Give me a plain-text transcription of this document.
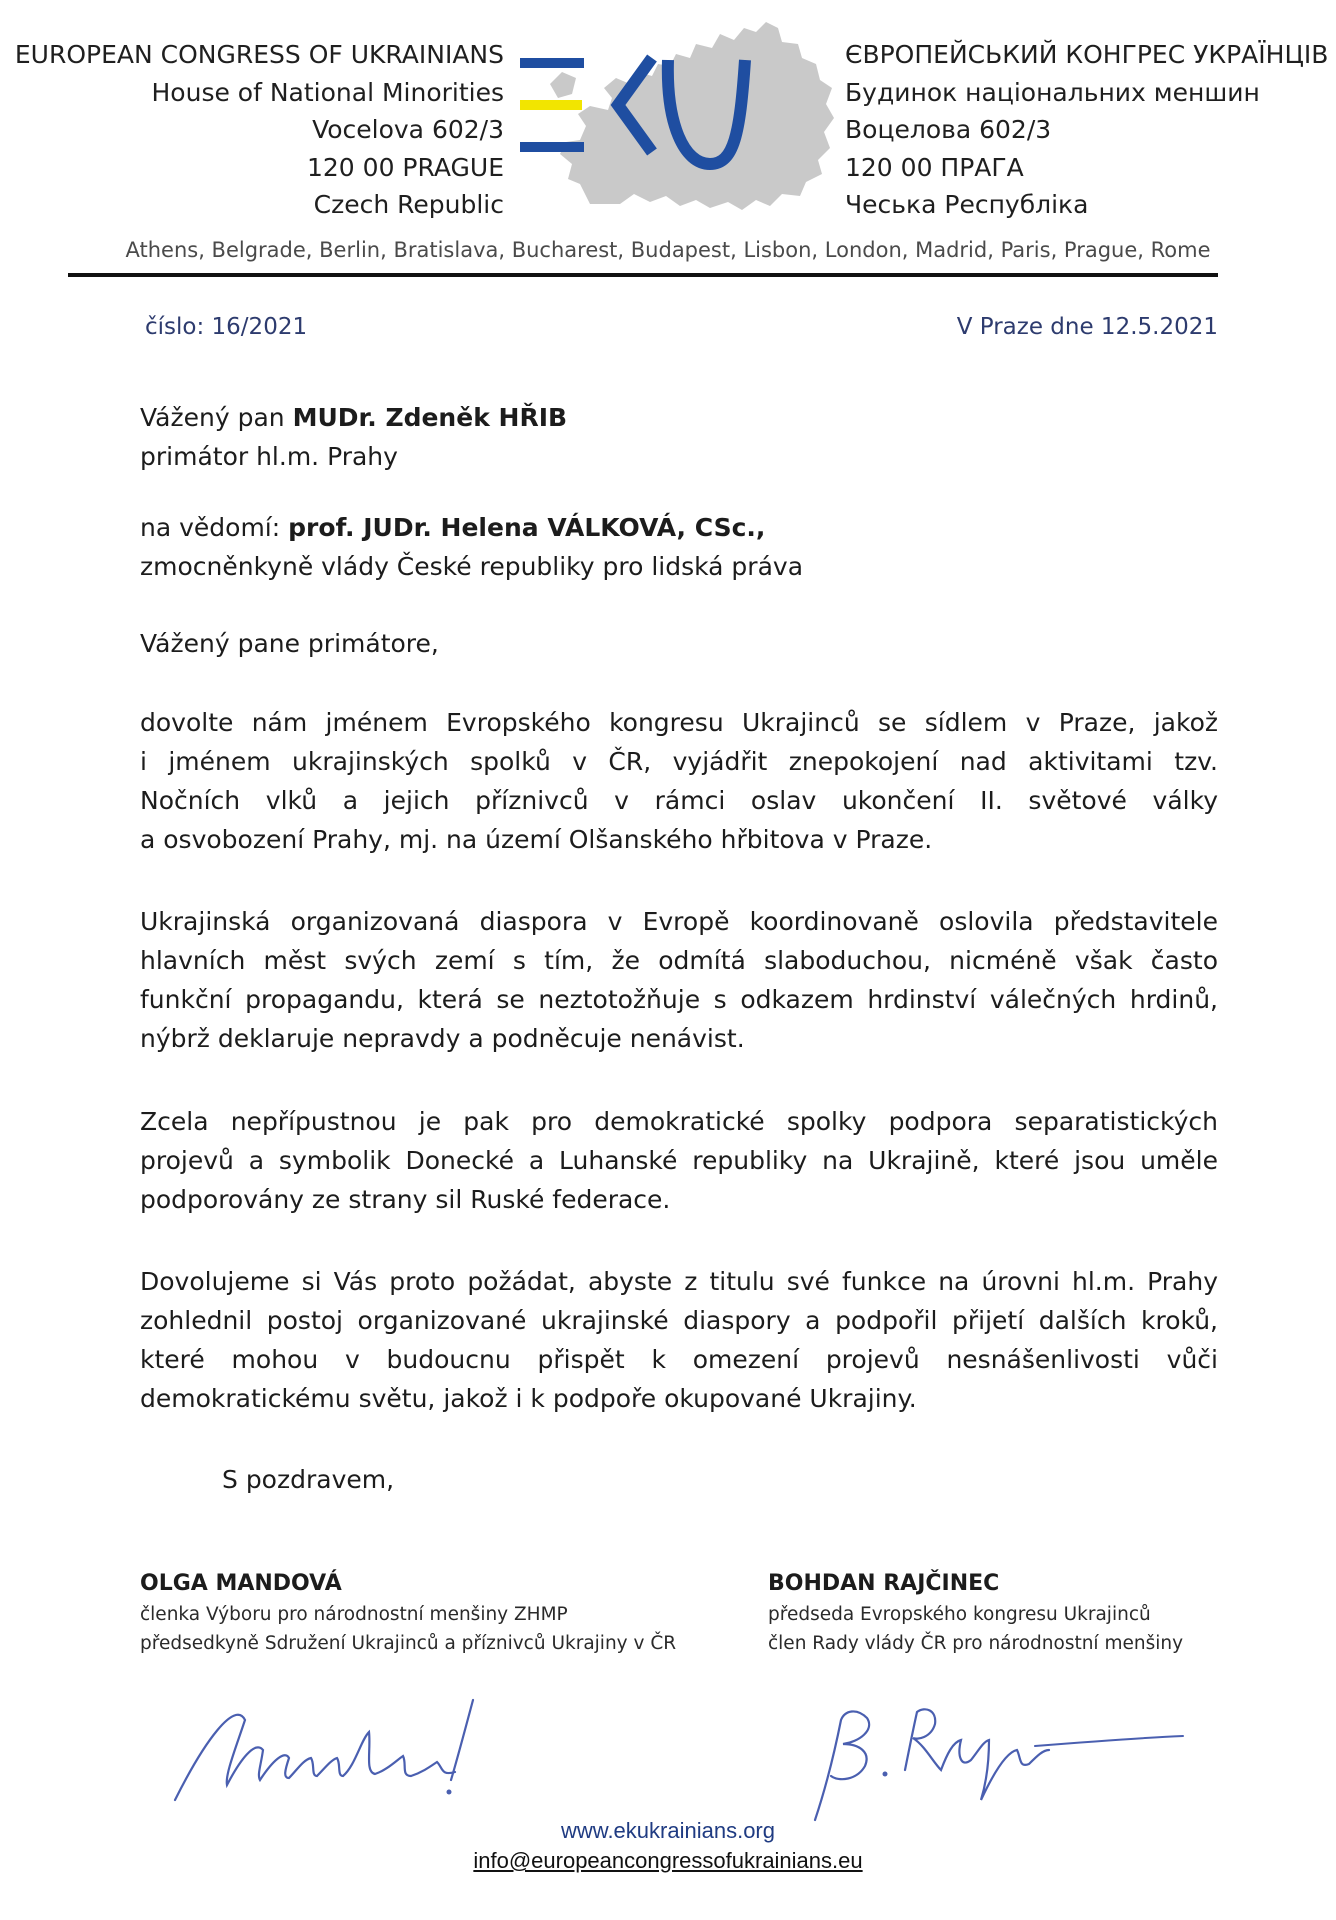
EUROPEAN CONGRESS OF UKRAINIANS
House of National Minorities
Vocelova 602/3
120 00 PRAGUE
Czech Republic
ЄВРОПЕЙСЬКИЙ КОНГРЕС УКРАЇНЦІВ
Будинок національних меншин
Воцелова 602/3
120 00 ПРАГА
Чеська Республіка
Athens, Belgrade, Berlin, Bratislava, Bucharest, Budapest, Lisbon, London, Madrid, Paris, Prague, Rome
číslo: 16/2021	V Praze dne 12.5.2021
Vážený pan MUDr. Zdeněk HŘIB
primátor hl.m. Prahy
na vědomí: prof. JUDr. Helena VÁLKOVÁ, CSc.,
zmocněnkyně vlády České republiky pro lidská práva
Vážený pane primátore,
dovolte nám jménem Evropského kongresu Ukrajinců se sídlem v Praze, jakož
i jménem ukrajinských spolků v ČR, vyjádřit znepokojení nad aktivitami tzv.
Nočních vlků a jejich příznivců v rámci oslav ukončení II. světové války
a osvobození Prahy, mj. na území Olšanského hřbitova v Praze.
Ukrajinská organizovaná diaspora v Evropě koordinovaně oslovila představitele
hlavních měst svých zemí s tím, že odmítá slaboduchou, nicméně však často
funkční propagandu, která se neztotožňuje s odkazem hrdinství válečných hrdinů,
nýbrž deklaruje nepravdy a podněcuje nenávist.
Zcela nepřípustnou je pak pro demokratické spolky podpora separatistických
projevů a symbolik Donecké a Luhanské republiky na Ukrajině, které jsou uměle
podporovány ze strany sil Ruské federace.
Dovolujeme si Vás proto požádat, abyste z titulu své funkce na úrovni hl.m. Prahy
zohlednil postoj organizované ukrajinské diaspory a podpořil přijetí dalších kroků,
které mohou v budoucnu přispět k omezení projevů nesnášenlivosti vůči
demokratickému světu, jakož i k podpoře okupované Ukrajiny.
S pozdravem,
OLGA MANDOVÁ
členka Výboru pro národnostní menšiny ZHMP
předsedkyně Sdružení Ukrajinců a příznivců Ukrajiny v ČR
BOHDAN RAJČINEC
předseda Evropského kongresu Ukrajinců
člen Rady vlády ČR pro národnostní menšiny
www.ekukrainians.org
info@europeancongressofukrainians.eu
